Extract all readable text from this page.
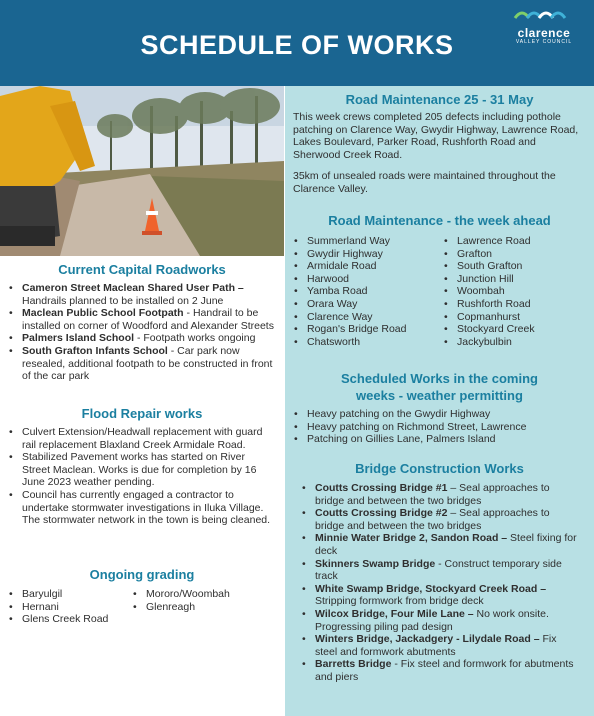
SCHEDULE OF WORKS	clarence
VALLEY COUNCIL
Current Capital Roadworks
• Cameron Street Maclean Shared User Path – Handrails planned to be installed on 2 June
• Maclean Public School Footpath - Handrail to be installed on corner of Woodford and Alexander Streets
• Palmers Island School - Footpath works ongoing
• South Grafton Infants School - Car park now resealed, additional footpath to be constructed in front of the car park
Flood Repair works
• Culvert Extension/Headwall replacement with guard rail replacement Blaxland Creek Armidale Road.
• Stabilized Pavement works has started on River Street Maclean. Works is due for completion by 16 June 2023 weather pending.
• Council has currently engaged a contractor to undertake stormwater investigations in Iluka Village. The stormwater network in the town is being cleaned.
Ongoing grading
• Baryulgil
• Hernani
• Glens Creek Road
• Mororo/Woombah
• Glenreagh
Road Maintenance 25 - 31 May

This week crews completed 205 defects including pothole patching on Clarence Way, Gwydir Highway, Lawrence Road, Lakes Boulevard, Parker Road, Rushforth Road and Sherwood Creek Road.

35km of unsealed roads were maintained throughout the Clarence Valley.

Road Maintenance - the week ahead
• Summerland Way
• Gwydir Highway
• Armidale Road
• Harwood
• Yamba Road
• Orara Way
• Clarence Way
• Rogan's Bridge Road
• Chatsworth
• Lawrence Road
• Grafton
• South Grafton
• Junction Hill
• Woombah
• Rushforth Road
• Copmanhurst
• Stockyard Creek
• Jackybulbin
Scheduled Works in the coming
weeks - weather permitting
• Heavy patching on the Gwydir Highway
• Heavy patching on Richmond Street, Lawrence
• Patching on Gillies Lane, Palmers Island
Bridge Construction Works
• Coutts Crossing Bridge #1 – Seal approaches to bridge and between the two bridges
• Coutts Crossing Bridge #2 – Seal approaches to bridge and between the two bridges
• Minnie Water Bridge 2, Sandon Road – Steel fixing for deck
• Skinners Swamp Bridge - Construct temporary side track
• White Swamp Bridge, Stockyard Creek Road – Stripping formwork from bridge deck
• Wilcox Bridge, Four Mile Lane – No work onsite. Progressing piling pad design
• Winters Bridge, Jackadgery - Lilydale Road – Fix steel and formwork abutments
• Barretts Bridge - Fix steel and formwork for abutments and piers
